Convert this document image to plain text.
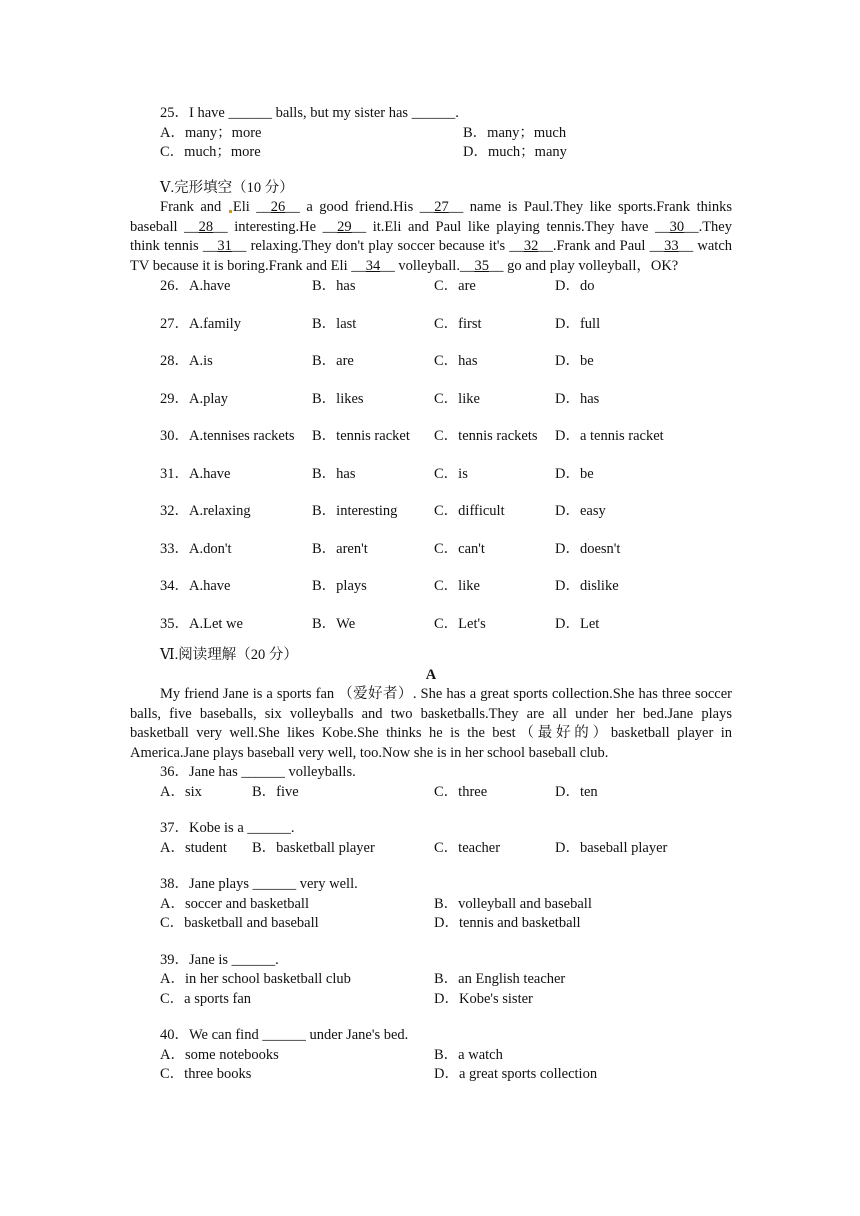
25．I have ______ balls, but my sister has ______.
A．many；more	B．many；much
C．much；more	D．much；many
Ⅴ.完形填空（10 分）
Frank and Eli __26__ a good friend.His __27__ name is Paul.They like sports.Frank thinks baseball __28__ interesting.He __29__ it.Eli and Paul like playing tennis.They have __30__.They think tennis __31__ relaxing.They don't play soccer because it's __32__.Frank and Paul __33__ watch TV because it is boring.Frank and Eli __34__ volleyball.__35__ go and play volleyball，OK?
26．A.have	B．has	C．are	D．do
27．A.family	B．last	C．first	D．full
28．A.is	B．are	C．has	D．be
29．A.play	B．likes	C．like	D．has
30．A.tennises rackets	B．tennis racket	C．tennis rackets	D．a tennis racket
31．A.have	B．has	C．is	D．be
32．A.relaxing	B．interesting	C．difficult	D．easy
33．A.don't	B．aren't	C．can't	D．doesn't
34．A.have	B．plays	C．like	D．dislike
35．A.Let we	B．We	C．Let's	D．Let
Ⅵ.阅读理解（20 分）
A
My friend Jane is a sports fan （爱好者）. She has a great sports collection.She has three soccer balls, five baseballs, six volleyballs and two basketballs.They are all under her bed.Jane plays basketball very well.She likes Kobe.She thinks he is the best（最好的）basketball player in America.Jane plays baseball very well, too.Now she is in her school baseball club.
36．Jane has ______ volleyballs.
A．six	B．five	C．three	D．ten
37．Kobe is a ______.
A．student	B．basketball player	C．teacher	D．baseball player
38．Jane plays ______ very well.
A．soccer and basketball	B．volleyball and baseball
C．basketball and baseball	D．tennis and basketball
39．Jane is ______.
A．in her school basketball club	B．an English teacher
C．a sports fan	D．Kobe's sister
40．We can find ______ under Jane's bed.
A．some notebooks	B．a watch
C．three books	D．a great sports collection
